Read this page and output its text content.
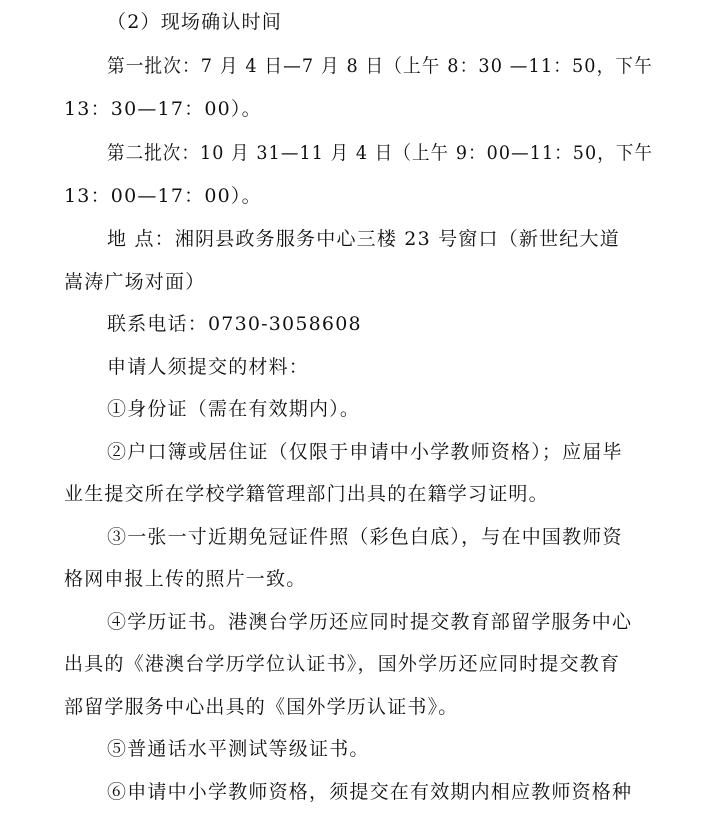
（2）现场确认时间
第一批次：7 月 4 日—7 月 8 日（上午 8：30 —11：50，下午
13：30—17：00）。
第二批次：10 月 31—11 月 4 日（上午 9：00—11：50，下午
13：00—17：00）。
地 点：湘阴县政务服务中心三楼 23 号窗口（新世纪大道
嵩涛广场对面）
联系电话：0730-3058608
申请人须提交的材料：
①身份证（需在有效期内）。
②户口簿或居住证（仅限于申请中小学教师资格）；应届毕
业生提交所在学校学籍管理部门出具的在籍学习证明。
③一张一寸近期免冠证件照（彩色白底），与在中国教师资
格网申报上传的照片一致。
④学历证书。港澳台学历还应同时提交教育部留学服务中心
出具的《港澳台学历学位认证书》，国外学历还应同时提交教育
部留学服务中心出具的《国外学历认证书》。
⑤普通话水平测试等级证书。
⑥申请中小学教师资格，须提交在有效期内相应教师资格种
